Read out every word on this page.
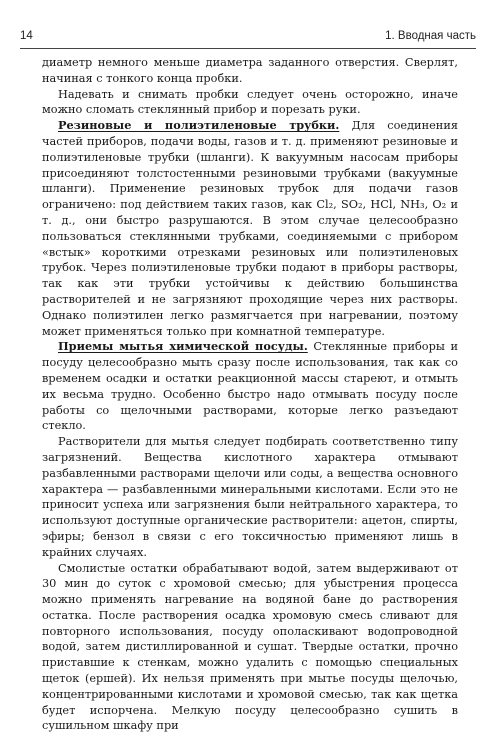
14	1. Вводная часть

диаметр немного меньше диаметра заданного отверстия. Сверлят, начиная с тонкого конца пробки.

Надевать и снимать пробки следует очень осторожно, иначе можно сломать стеклянный прибор и порезать руки.

Резиновые и полиэтиленовые трубки. Для соединения частей приборов, подачи воды, газов и т. д. применяют резиновые и полиэтиленовые трубки (шланги). К вакуумным насосам приборы присоединяют толстостенными резиновыми трубками (вакуумные шланги). Применение резиновых трубок для подачи газов ограничено: под действием таких газов, как Cl₂, SO₂, HCl, NH₃, O₂ и т. д., они быстро разрушаются. В этом случае целесообразно пользоваться стеклянными трубками, соединяемыми с прибором «встык» короткими отрезками резиновых или полиэтиленовых трубок. Через полиэтиленовые трубки подают в приборы растворы, так как эти трубки устойчивы к действию большинства растворителей и не загрязняют проходящие через них растворы. Однако полиэтилен легко размягчается при нагревании, поэтому может применяться только при комнатной температуре.

Приемы мытья химической посуды. Стеклянные приборы и посуду целесообразно мыть сразу после использования, так как со временем осадки и остатки реакционной массы стареют, и отмыть их весьма трудно. Особенно быстро надо отмывать посуду после работы со щелочными растворами, которые легко разъедают стекло.

Растворители для мытья следует подбирать соответственно типу загрязнений. Вещества кислотного характера отмывают разбавленными растворами щелочи или соды, а вещества основного характера — разбавленными минеральными кислотами. Если это не приносит успеха или загрязнения были нейтрального характера, то используют доступные органические растворители: ацетон, спирты, эфиры; бензол в связи с его токсичностью применяют лишь в крайних случаях.

Смолистые остатки обрабатывают водой, затем выдерживают от 30 мин до суток с хромовой смесью; для убыстрения процесса можно применять нагревание на водяной бане до растворения остатка. После растворения осадка хромовую смесь сливают для повторного использования, посуду ополаскивают водопроводной водой, затем дистиллированной и сушат. Твердые остатки, прочно приставшие к стенкам, можно удалить с помощью специальных щеток (ершей). Их нельзя применять при мытье посуды щелочью, концентрированными кислотами и хромовой смесью, так как щетка будет испорчена. Мелкую посуду целесообразно сушить в сушильном шкафу при
